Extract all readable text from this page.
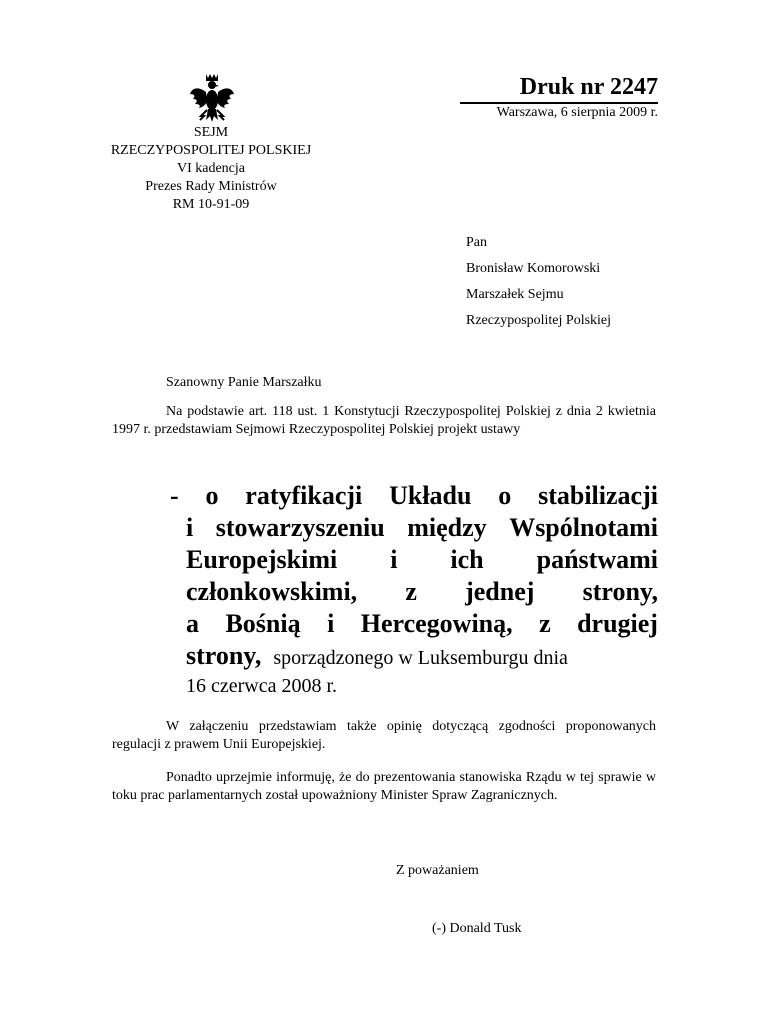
SEJM
RZECZYPOSPOLITEJ POLSKIEJ
VI kadencja
Prezes Rady Ministrów
RM 10-91-09
Druk nr 2247
Warszawa, 6 sierpnia 2009 r.
Pan
Bronisław Komorowski
Marszałek Sejmu
Rzeczypospolitej Polskiej
Szanowny Panie Marszałku
Na podstawie art. 118 ust. 1 Konstytucji Rzeczypospolitej Polskiej z dnia 2 kwietnia 1997 r. przedstawiam Sejmowi Rzeczypospolitej Polskiej projekt ustawy
- o ratyfikacji Układu o stabilizacji
i stowarzyszeniu między Wspólnotami
Europejskimi i ich państwami
członkowskimi, z jednej strony,
a Bośnią i Hercegowiną, z drugiej
strony, sporządzonego w Luksemburgu dnia
16 czerwca 2008 r.
W załączeniu przedstawiam także opinię dotyczącą zgodności proponowanych regulacji z prawem Unii Europejskiej.
Ponadto uprzejmie informuję, że do prezentowania stanowiska Rządu w tej sprawie w toku prac parlamentarnych został upoważniony Minister Spraw Zagranicznych.
Z poważaniem
(-) Donald Tusk
